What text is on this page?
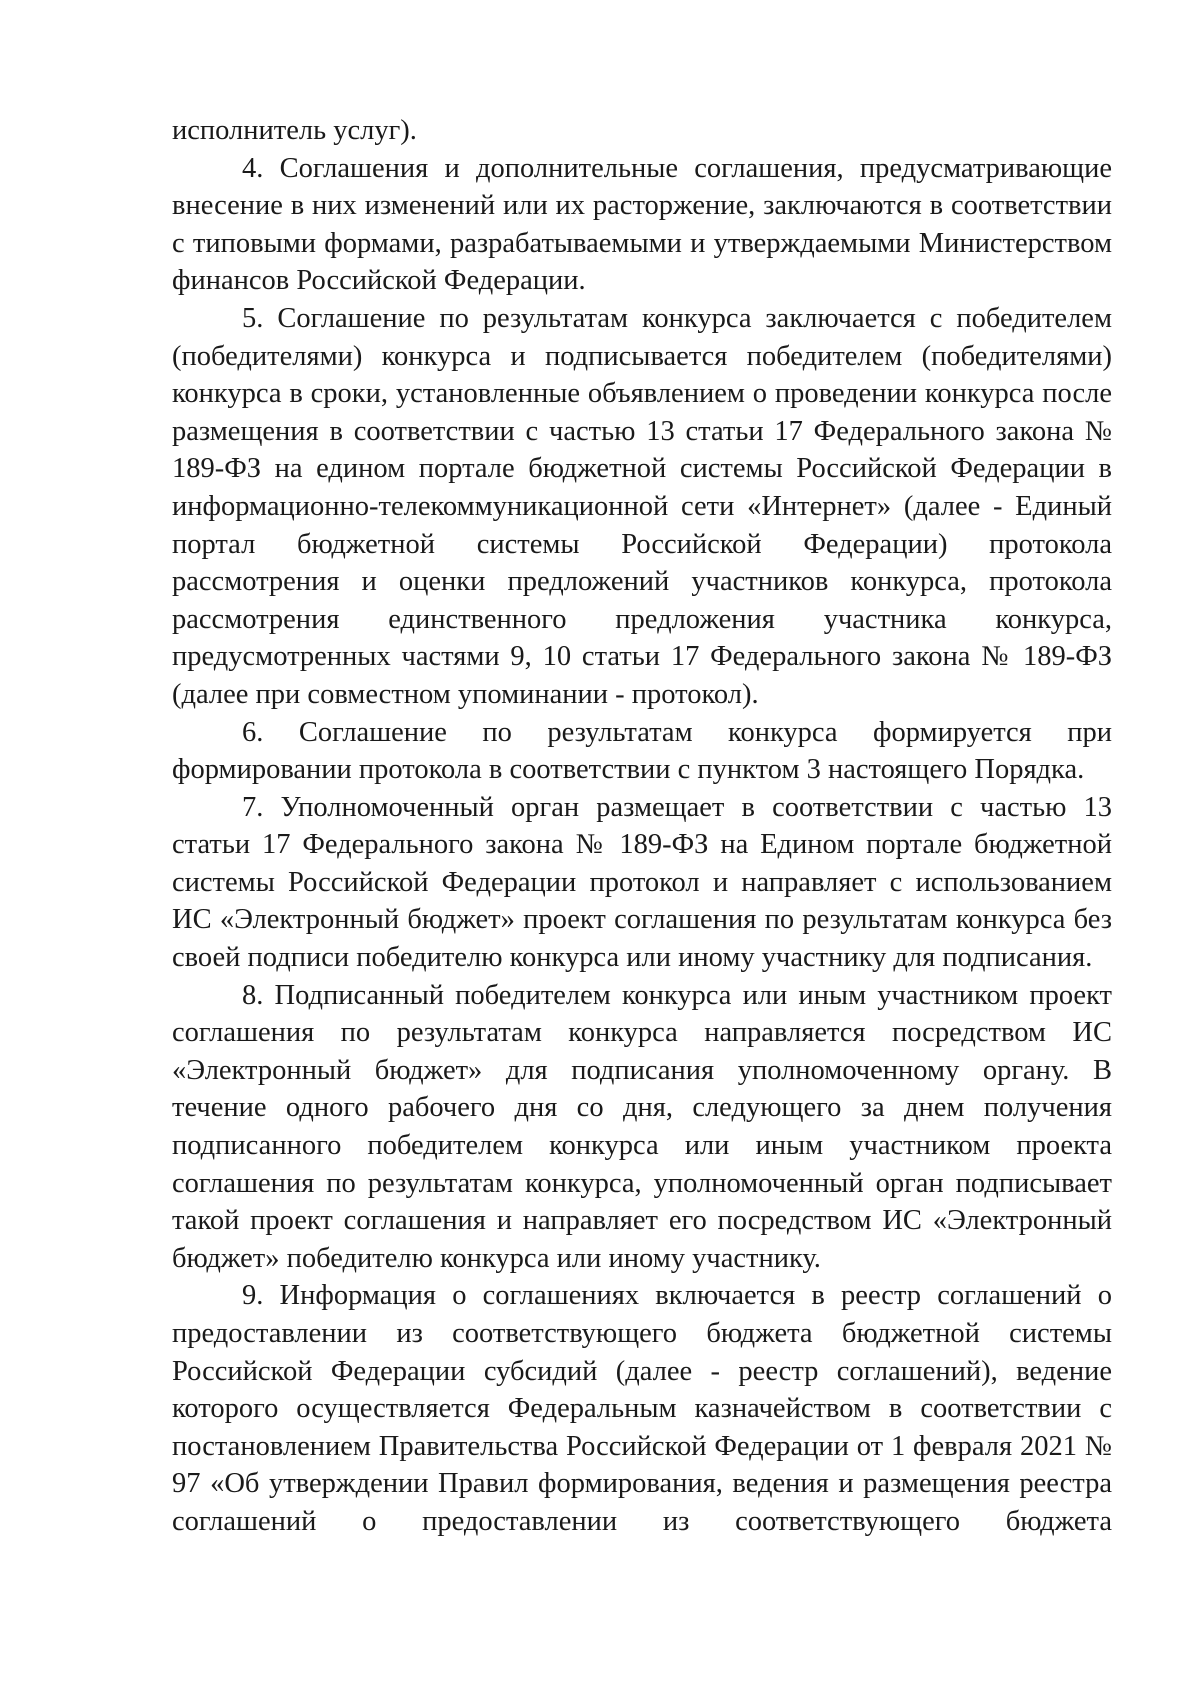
исполнитель услуг).

4. Соглашения и дополнительные соглашения, предусматривающие внесение в них изменений или их расторжение, заключаются в соответствии с типовыми формами, разрабатываемыми и утверждаемыми Министерством финансов Российской Федерации.

5. Соглашение по результатам конкурса заключается с победителем (победителями) конкурса и подписывается победителем (победителями) конкурса в сроки, установленные объявлением о проведении конкурса после размещения в соответствии с частью 13 статьи 17 Федерального закона № 189-ФЗ на едином портале бюджетной системы Российской Федерации в информационно-телекоммуникационной сети «Интернет» (далее - Единый портал бюджетной системы Российской Федерации) протокола рассмотрения и оценки предложений участников конкурса, протокола рассмотрения единственного предложения участника конкурса, предусмотренных частями 9, 10 статьи 17 Федерального закона № 189-ФЗ (далее при совместном упоминании - протокол).

6. Соглашение по результатам конкурса формируется при формировании протокола в соответствии с пунктом 3 настоящего Порядка.

7. Уполномоченный орган размещает в соответствии с частью 13 статьи 17 Федерального закона № 189-ФЗ на Едином портале бюджетной системы Российской Федерации протокол и направляет с использованием ИС «Электронный бюджет» проект соглашения по результатам конкурса без своей подписи победителю конкурса или иному участнику для подписания.

8. Подписанный победителем конкурса или иным участником проект соглашения по результатам конкурса направляется посредством ИС «Электронный бюджет» для подписания уполномоченному органу. В течение одного рабочего дня со дня, следующего за днем получения подписанного победителем конкурса или иным участником проекта соглашения по результатам конкурса, уполномоченный орган подписывает такой проект соглашения и направляет его посредством ИС «Электронный бюджет» победителю конкурса или иному участнику.

9. Информация о соглашениях включается в реестр соглашений о предоставлении из соответствующего бюджета бюджетной системы Российской Федерации субсидий (далее - реестр соглашений), ведение которого осуществляется Федеральным казначейством в соответствии с постановлением Правительства Российской Федерации от 1 февраля 2021 № 97 «Об утверждении Правил формирования, ведения и размещения реестра соглашений о предоставлении из соответствующего бюджета
